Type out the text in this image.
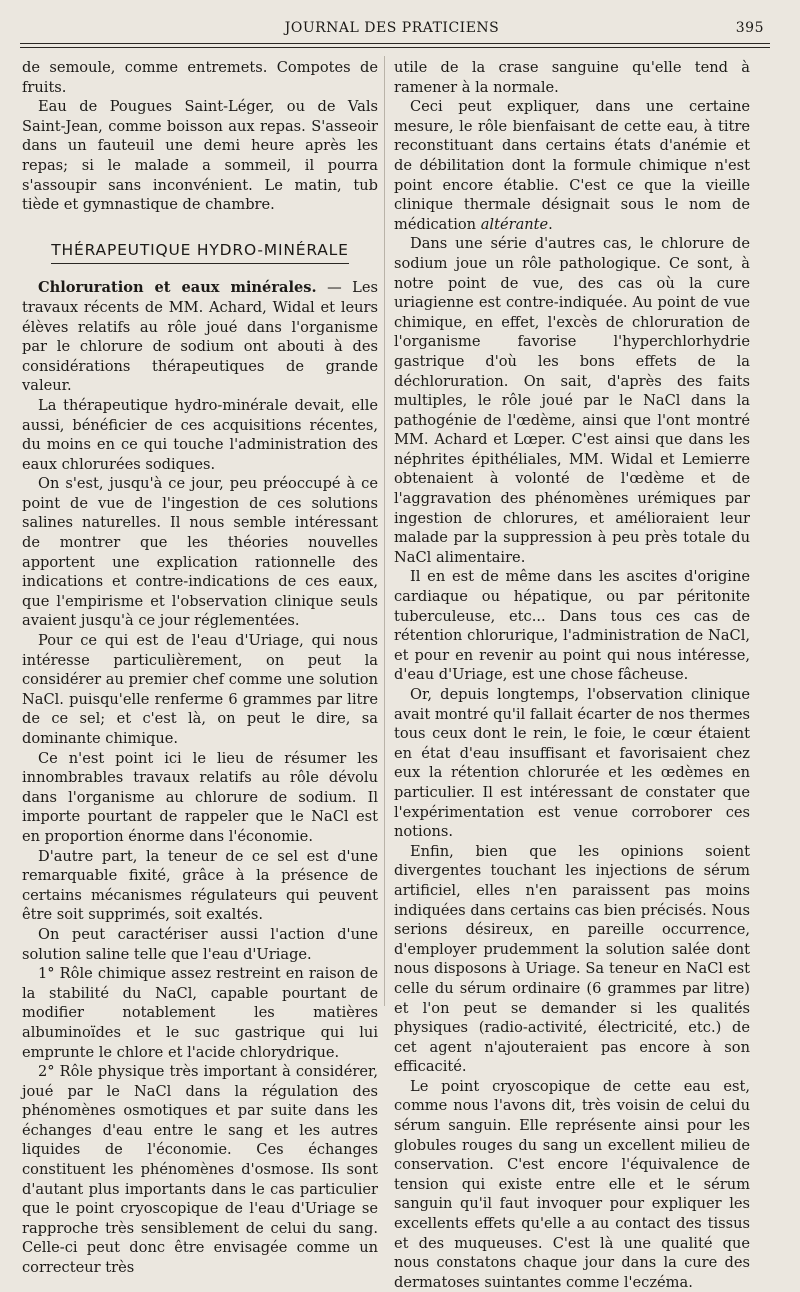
JOURNAL DES PRATICIENS	395

de semoule, comme entremets. Compotes de fruits.

Eau de Pougues Saint-Léger, ou de Vals Saint-Jean, comme boisson aux repas. S'asseoir dans un fauteuil une demi heure après les repas; si le malade a sommeil, il pourra s'assoupir sans inconvénient. Le matin, tub tiède et gymnastique de chambre.

THÉRAPEUTIQUE HYDRO-MINÉRALE

Chloruration et eaux minérales. — Les travaux récents de MM. Achard, Widal et leurs élèves relatifs au rôle joué dans l'organisme par le chlorure de sodium ont abouti à des considérations thérapeutiques de grande valeur.

La thérapeutique hydro-minérale devait, elle aussi, bénéficier de ces acquisitions récentes, du moins en ce qui touche l'administration des eaux chlorurées sodiques.

On s'est, jusqu'à ce jour, peu préoccupé à ce point de vue de l'ingestion de ces solutions salines naturelles. Il nous semble intéressant de montrer que les théories nouvelles apportent une explication rationnelle des indications et contre-indications de ces eaux, que l'empirisme et l'observation clinique seuls avaient jusqu'à ce jour réglementées.

Pour ce qui est de l'eau d'Uriage, qui nous intéresse particulièrement, on peut la considérer au premier chef comme une solution NaCl. puisqu'elle renferme 6 grammes par litre de ce sel; et c'est là, on peut le dire, sa dominante chimique.

Ce n'est point ici le lieu de résumer les innombrables travaux relatifs au rôle dévolu dans l'organisme au chlorure de sodium. Il importe pourtant de rappeler que le NaCl est en proportion énorme dans l'économie.

D'autre part, la teneur de ce sel est d'une remarquable fixité, grâce à la présence de certains mécanismes régulateurs qui peuvent être soit supprimés, soit exaltés.

On peut caractériser aussi l'action d'une solution saline telle que l'eau d'Uriage.

1° Rôle chimique assez restreint en raison de la stabilité du NaCl, capable pourtant de modifier notablement les matières albuminoïdes et le suc gastrique qui lui emprunte le chlore et l'acide chlorydrique.

2° Rôle physique très important à considérer, joué par le NaCl dans la régulation des phénomènes osmotiques et par suite dans les échanges d'eau entre le sang et les autres liquides de l'économie. Ces échanges constituent les phénomènes d'osmose. Ils sont d'autant plus importants dans le cas particulier que le point cryoscopique de l'eau d'Uriage se rapproche très sensiblement de celui du sang. Celle-ci peut donc être envisagée comme un correcteur très

utile de la crase sanguine qu'elle tend à ramener à la normale.

Ceci peut expliquer, dans une certaine mesure, le rôle bienfaisant de cette eau, à titre reconstituant dans certains états d'anémie et de débilitation dont la formule chimique n'est point encore établie. C'est ce que la vieille clinique thermale désignait sous le nom de médication altérante.

Dans une série d'autres cas, le chlorure de sodium joue un rôle pathologique. Ce sont, à notre point de vue, des cas où la cure uriagienne est contre-indiquée. Au point de vue chimique, en effet, l'excès de chloruration de l'organisme favorise l'hyperchlorhydrie gastrique d'où les bons effets de la déchloruration. On sait, d'après des faits multiples, le rôle joué par le NaCl dans la pathogénie de l'œdème, ainsi que l'ont montré MM. Achard et Lœper. C'est ainsi que dans les néphrites épithéliales, MM. Widal et Lemierre obtenaient à volonté de l'œdème et de l'aggravation des phénomènes urémiques par ingestion de chlorures, et amélioraient leur malade par la suppression à peu près totale du NaCl alimentaire.

Il en est de même dans les ascites d'origine cardiaque ou hépatique, ou par péritonite tuberculeuse, etc... Dans tous ces cas de rétention chlorurique, l'administration de NaCl, et pour en revenir au point qui nous intéresse, d'eau d'Uriage, est une chose fâcheuse.

Or, depuis longtemps, l'observation clinique avait montré qu'il fallait écarter de nos thermes tous ceux dont le rein, le foie, le cœur étaient en état d'eau insuffisant et favorisaient chez eux la rétention chlorurée et les œdèmes en particulier. Il est intéressant de constater que l'expérimentation est venue corroborer ces notions.

Enfin, bien que les opinions soient divergentes touchant les injections de sérum artificiel, elles n'en paraissent pas moins indiquées dans certains cas bien précisés. Nous serions désireux, en pareille occurrence, d'employer prudemment la solution salée dont nous disposons à Uriage. Sa teneur en NaCl est celle du sérum ordinaire (6 grammes par litre) et l'on peut se demander si les qualités physiques (radio-activité, électricité, etc.) de cet agent n'ajouteraient pas encore à son efficacité.

Le point cryoscopique de cette eau est, comme nous l'avons dit, très voisin de celui du sérum sanguin. Elle représente ainsi pour les globules rouges du sang un excellent milieu de conservation. C'est encore l'équivalence de tension qui existe entre elle et le sérum sanguin qu'il faut invoquer pour expliquer les excellents effets qu'elle a au contact des tissus et des muqueuses. C'est là une qualité que nous constatons chaque jour dans la cure des dermatoses suintantes comme l'eczéma.
